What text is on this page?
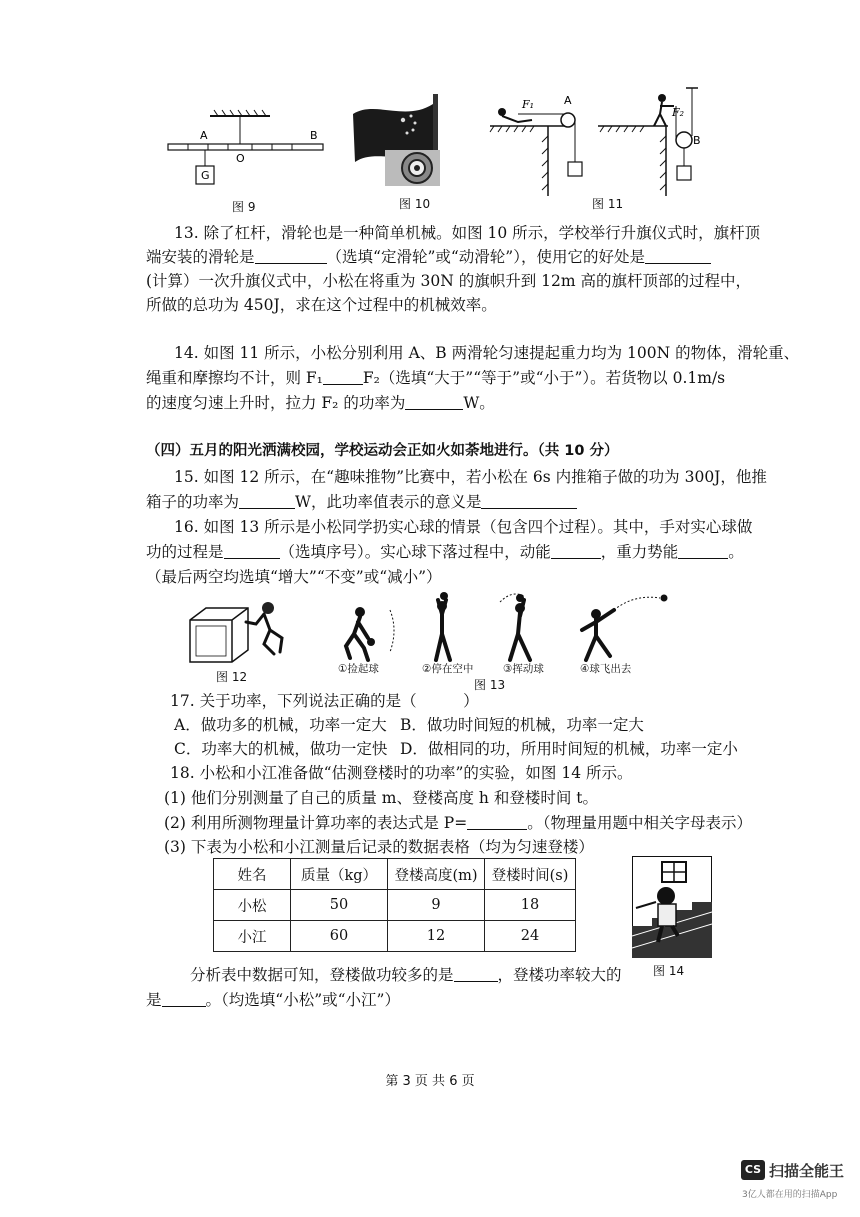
A	B
O
G
图 9	图 10
F₁	A
F₂
B
图 11
13. 除了杠杆，滑轮也是一种简单机械。如图 10 所示，学校举行升旗仪式时，旗杆顶
端安装的滑轮是	（选填“定滑轮”或“动滑轮”），使用它的好处是
(计算）一次升旗仪式中，小松在将重为 30N 的旗帜升到 12m 高的旗杆顶部的过程中，
所做的总功为 450J，求在这个过程中的机械效率。
14. 如图 11 所示，小松分别利用 A、B 两滑轮匀速提起重力均为 100N 的物体，滑轮重、
绳重和摩擦均不计，则 F₁	F₂（选填“大于”“等于”或“小于”）。若货物以 0.1m/s
的速度匀速上升时，拉力 F₂ 的功率为	W。
（四）五月的阳光洒满校园，学校运动会正如火如荼地进行。（共 10 分）
15. 如图 12 所示，在“趣味推物”比赛中，若小松在 6s 内推箱子做的功为 300J，他推
箱子的功率为	W，此功率值表示的意义是
16. 如图 13 所示是小松同学扔实心球的情景（包含四个过程）。其中，手对实心球做
功的过程是	（选填序号）。实心球下落过程中，动能	，重力势能	。
（最后两空均选填“增大”“不变”或“减小”）
图 12
①捡起球	②停在空中	③挥动球	④球飞出去
图 13
17. 关于功率，下列说法正确的是（　　　）
A．做功多的机械，功率一定大 B．做功时间短的机械，功率一定大
C．功率大的机械，做功一定快 D．做相同的功，所用时间短的机械，功率一定小
18. 小松和小江准备做“估测登楼时的功率”的实验，如图 14 所示。
(1) 他们分别测量了自己的质量 m、登楼高度 h 和登楼时间 t。
(2) 利用所测物理量计算功率的表达式是 P=	。（物理量用题中相关字母表示）
(3) 下表为小松和小江测量后记录的数据表格（均为匀速登楼）
姓名	质量（kg）	登楼高度(m)	登楼时间(s)
小松	50	9	18
小江	60	12	24
图 14
分析表中数据可知，登楼做功较多的是	，登楼功率较大的
是	。（均选填“小松”或“小江”）
第 3 页 共 6 页
CS 扫描全能王
3亿人都在用的扫描App
